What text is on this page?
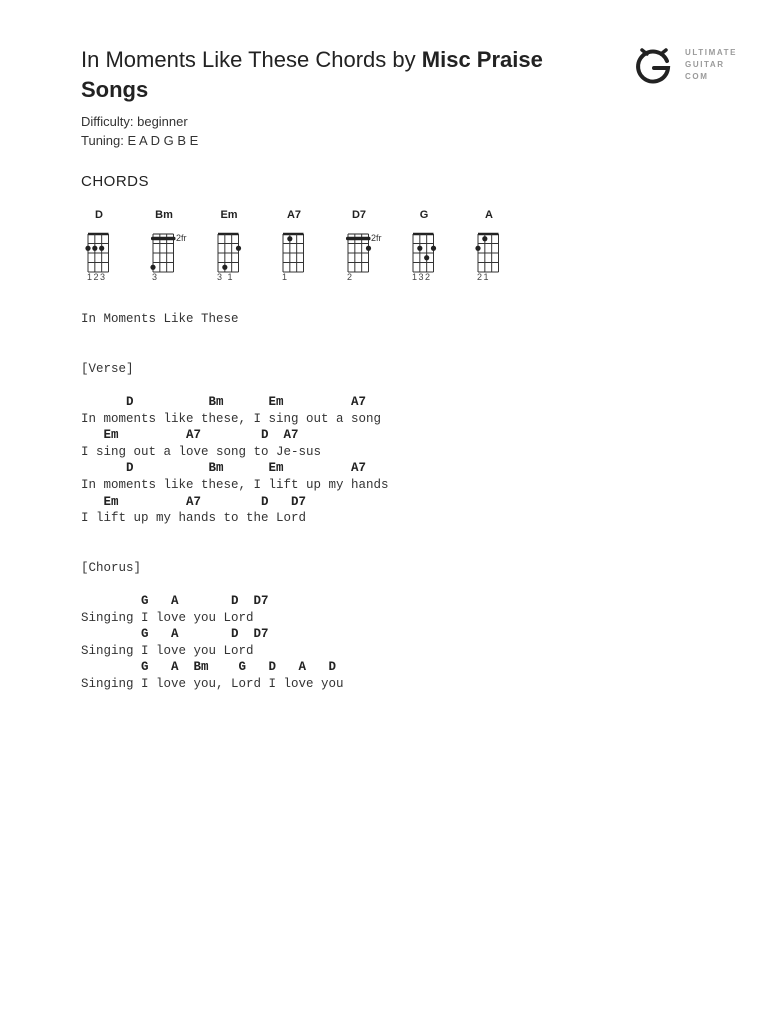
In Moments Like These Chords by Misc Praise Songs
ULTIMATE
GUITAR
COM
Difficulty: beginner
Tuning: E A D G B E
CHORDS
D
123
Bm
2fr
3
Em
3 1
A7
1
D7
2fr
2
G
132
A
21
In Moments Like These
[Verse]
D          Bm      Em         A7
In moments like these, I sing out a song
Em         A7        D  A7
I sing out a love song to Je-sus
D          Bm      Em         A7
In moments like these, I lift up my hands
Em         A7        D   D7
I lift up my hands to the Lord
[Chorus]
G   A       D  D7
Singing I love you Lord
G   A       D  D7
Singing I love you Lord
G   A  Bm    G   D   A   D
Singing I love you, Lord I love you
